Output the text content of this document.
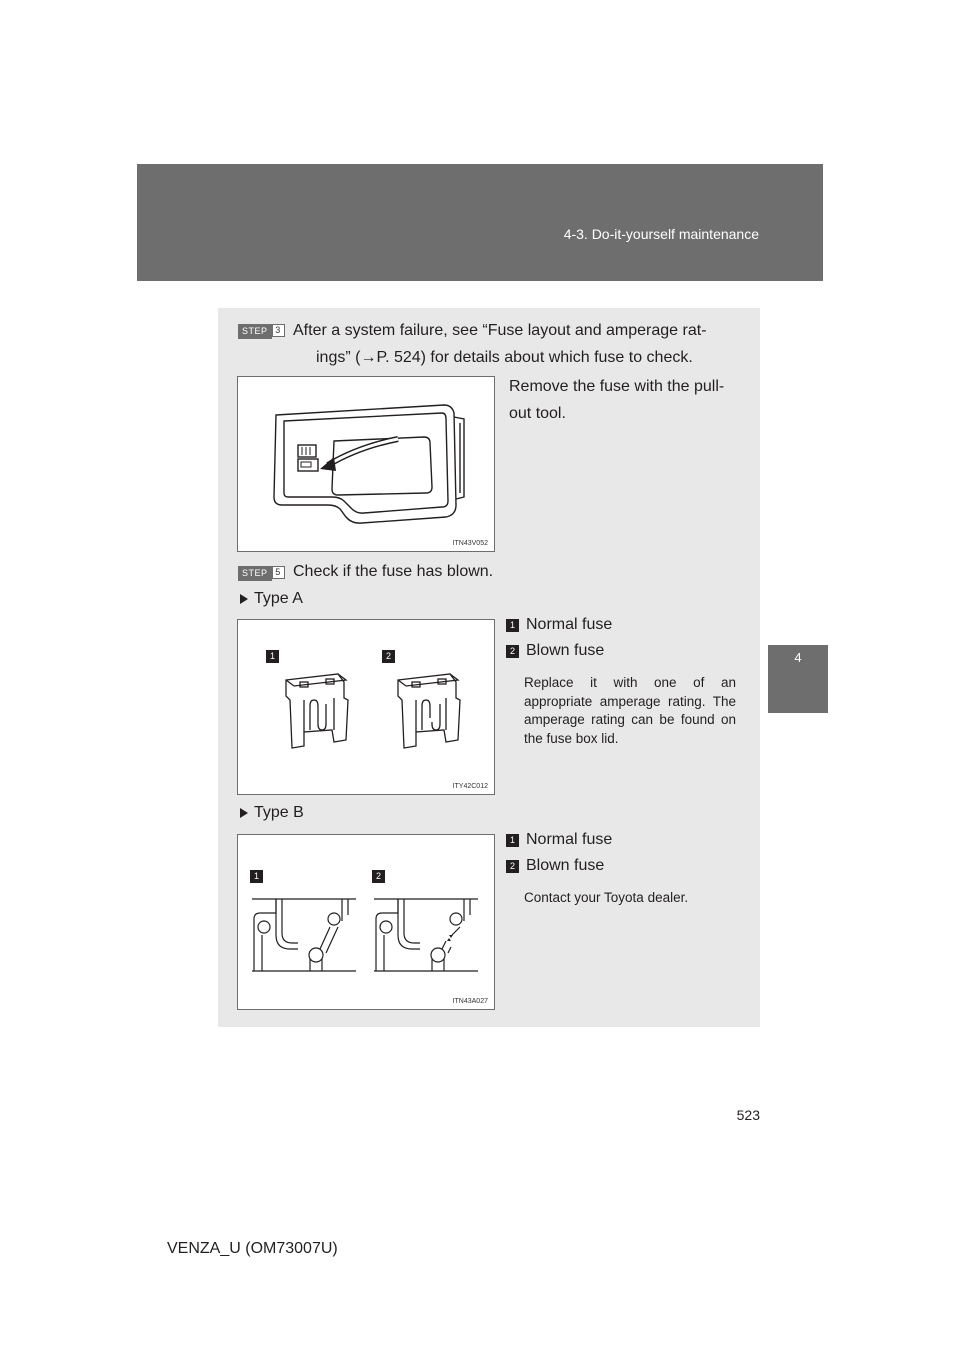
4-3. Do-it-yourself maintenance
4
STEP 3 After a system failure, see “Fuse layout and amperage rat-
ings” (→P. 524) for details about which fuse to check.
ITN43V052
Remove the fuse with the pull-
out tool.
STEP 5 Check if the fuse has blown.
Type A
1	2
ITY42C012
1 Normal fuse
2 Blown fuse
Replace it with one of an appropriate amperage rating. The amperage rating can be found on the fuse box lid.
Type B
1	2
ITN43A027
1 Normal fuse
2 Blown fuse
Contact your Toyota dealer.
523
VENZA_U (OM73007U)
